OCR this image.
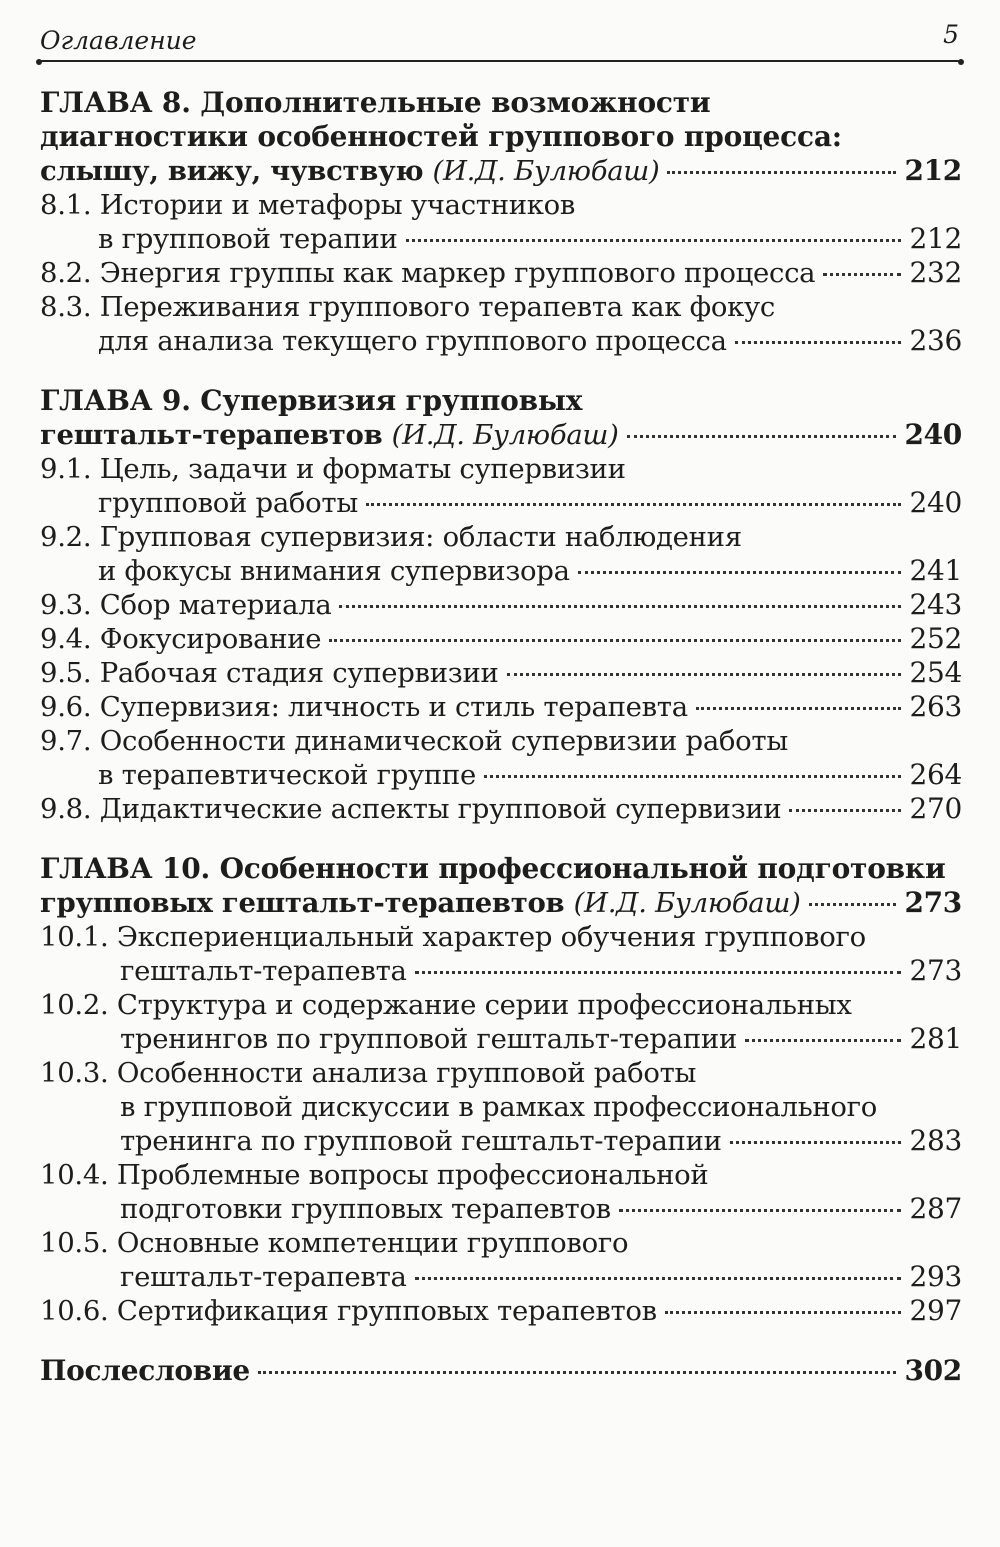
Оглавление	5
ГЛАВА 8. Дополнительные возможности
диагностики особенностей группового процесса:
слышу, вижу, чувствую (И.Д. Булюбаш)	212
8.1. Истории и метафоры участников
в групповой терапии	212
8.2. Энергия группы как маркер группового процесса	232
8.3. Переживания группового терапевта как фокус
для анализа текущего группового процесса	236
ГЛАВА 9. Супервизия групповых
гештальт-терапевтов (И.Д. Булюбаш)	240
9.1. Цель, задачи и форматы супервизии
групповой работы	240
9.2. Групповая супервизия: области наблюдения
и фокусы внимания супервизора	241
9.3. Сбор материала	243
9.4. Фокусирование	252
9.5. Рабочая стадия супервизии	254
9.6. Супервизия: личность и стиль терапевта	263
9.7. Особенности динамической супервизии работы
в терапевтической группе	264
9.8. Дидактические аспекты групповой супервизии	270
ГЛАВА 10. Особенности профессиональной подготовки
групповых гештальт-терапевтов (И.Д. Булюбаш)	273
10.1. Экспериенциальный характер обучения группового
гештальт-терапевта	273
10.2. Структура и содержание серии профессиональных
тренингов по групповой гештальт-терапии	281
10.3. Особенности анализа групповой работы
в групповой дискуссии в рамках профессионального
тренинга по групповой гештальт-терапии	283
10.4. Проблемные вопросы профессиональной
подготовки групповых терапевтов	287
10.5. Основные компетенции группового
гештальт-терапевта	293
10.6. Сертификация групповых терапевтов	297
Послесловие	302
